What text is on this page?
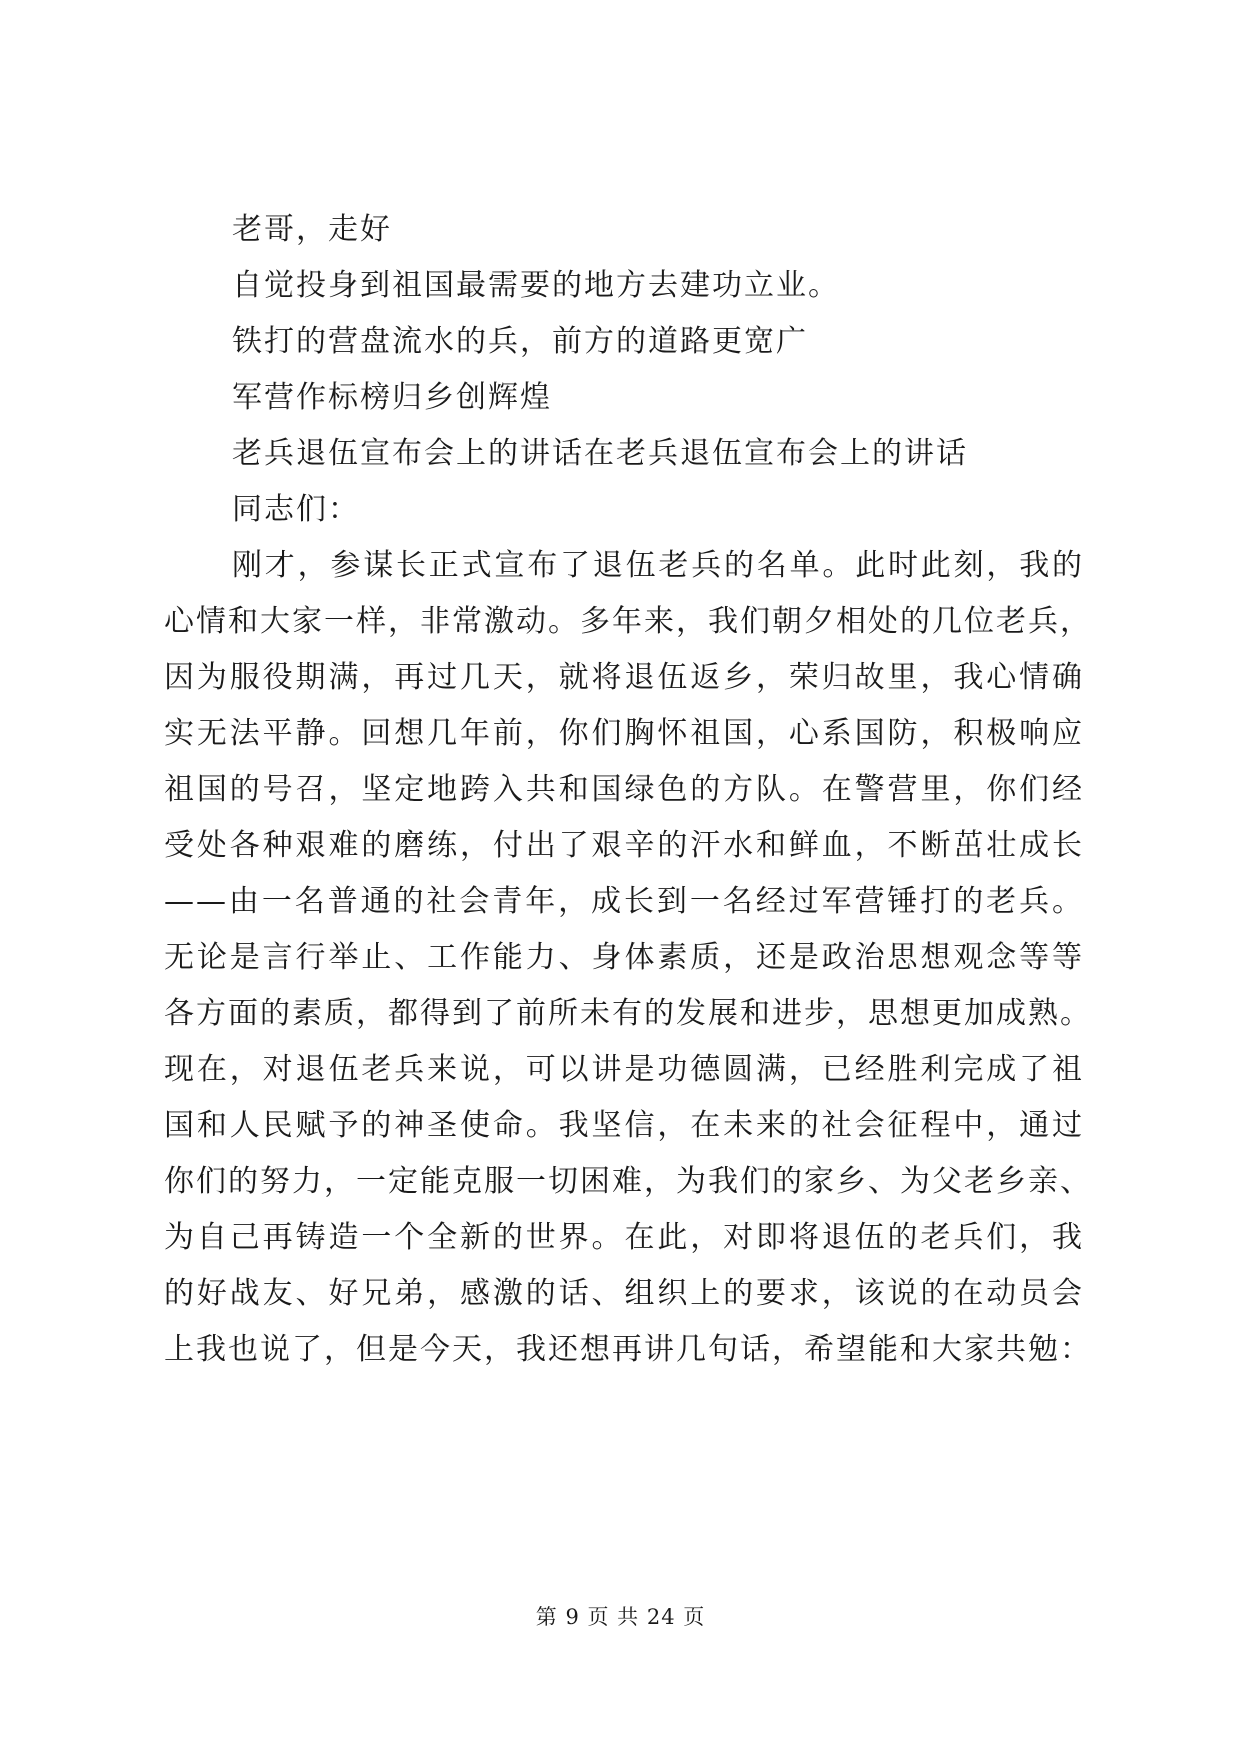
老哥，走好
自觉投身到祖国最需要的地方去建功立业。
铁打的营盘流水的兵，前方的道路更宽广
军营作标榜归乡创辉煌
老兵退伍宣布会上的讲话在老兵退伍宣布会上的讲话
同志们：
刚才，参谋长正式宣布了退伍老兵的名单。此时此刻，我的
心情和大家一样，非常激动。多年来，我们朝夕相处的几位老兵，
因为服役期满，再过几天，就将退伍返乡，荣归故里，我心情确
实无法平静。回想几年前，你们胸怀祖国，心系国防，积极响应
祖国的号召，坚定地跨入共和国绿色的方队。在警营里，你们经
受处各种艰难的磨练，付出了艰辛的汗水和鲜血，不断茁壮成长
——由一名普通的社会青年，成长到一名经过军营锤打的老兵。
无论是言行举止、工作能力、身体素质，还是政治思想观念等等
各方面的素质，都得到了前所未有的发展和进步，思想更加成熟。
现在，对退伍老兵来说，可以讲是功德圆满，已经胜利完成了祖
国和人民赋予的神圣使命。我坚信，在未来的社会征程中，通过
你们的努力，一定能克服一切困难，为我们的家乡、为父老乡亲、
为自己再铸造一个全新的世界。在此，对即将退伍的老兵们，我
的好战友、好兄弟，感激的话、组织上的要求，该说的在动员会
上我也说了，但是今天，我还想再讲几句话，希望能和大家共勉：
第 9 页 共 24 页
